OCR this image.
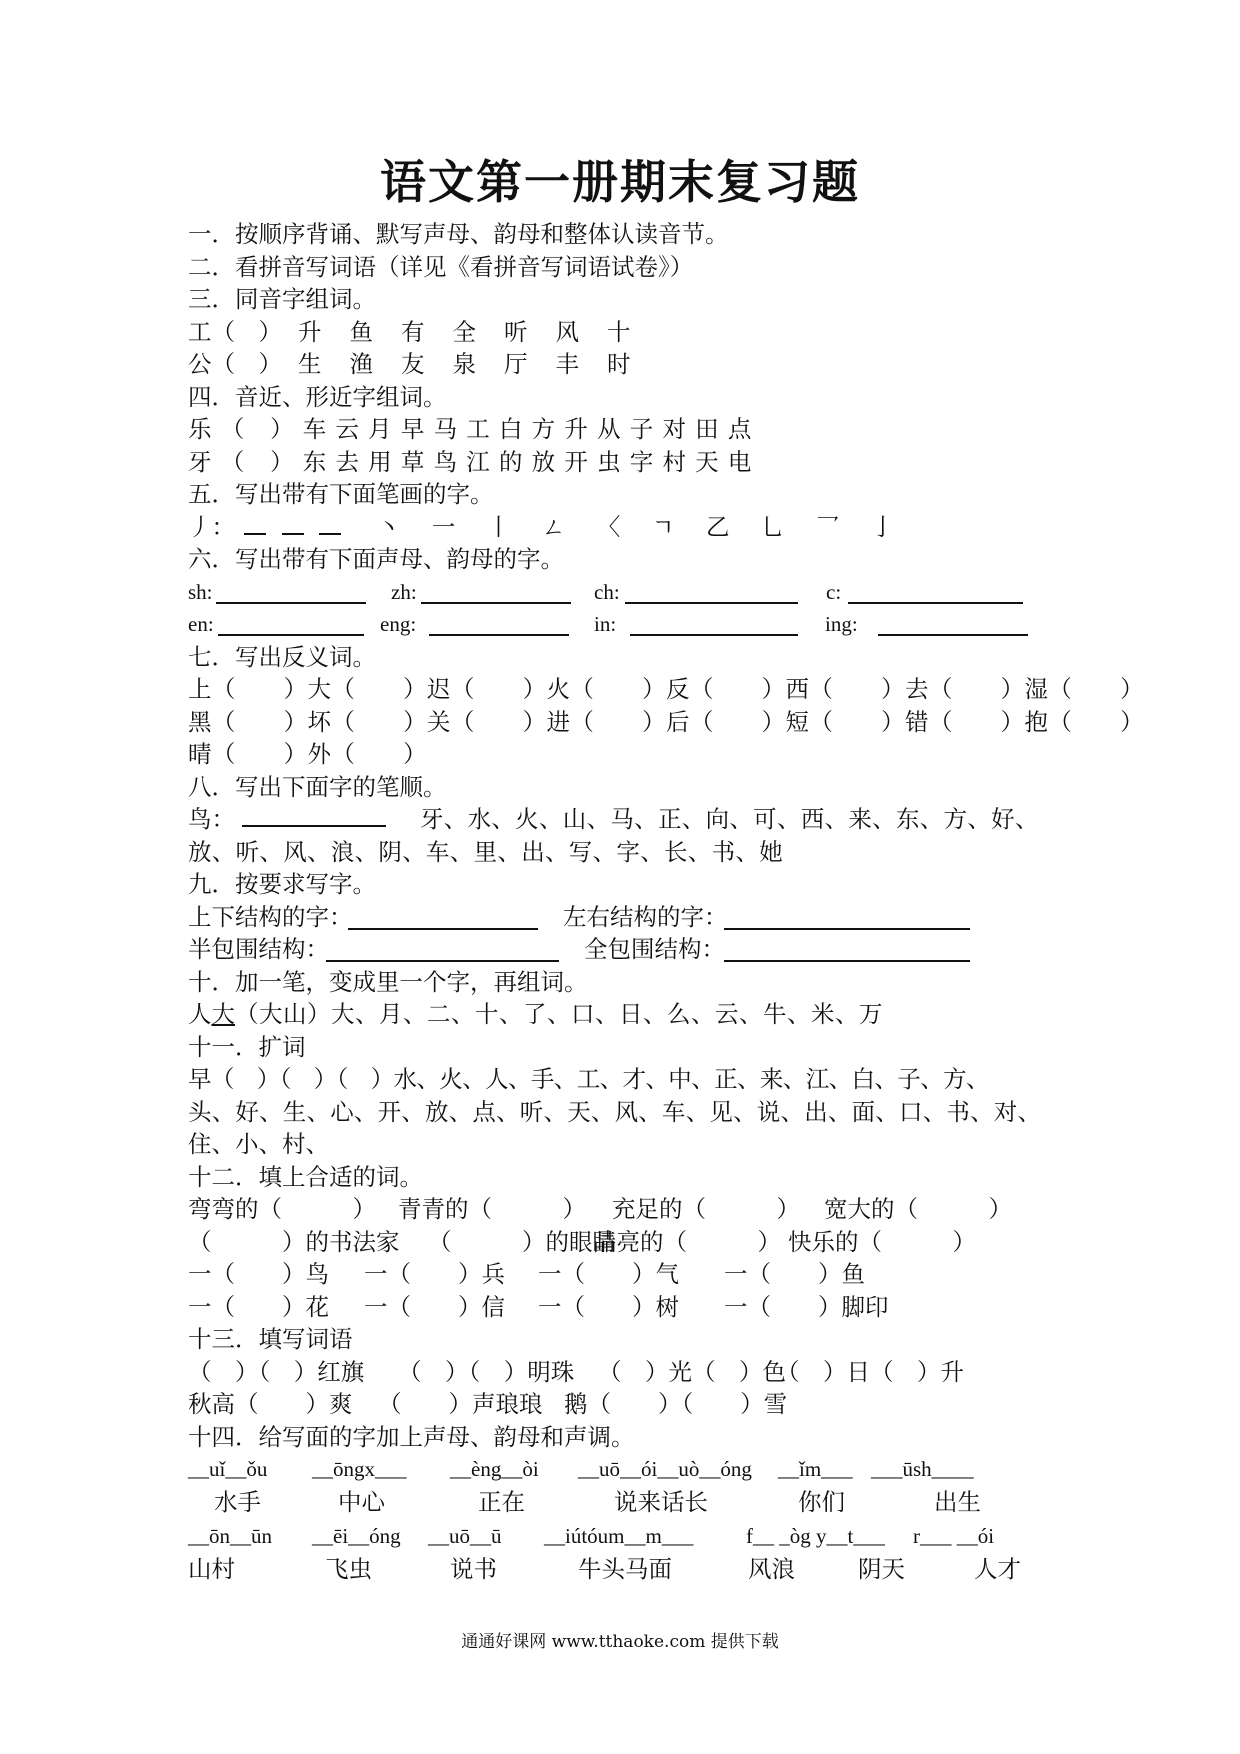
语文第一册期末复习题
一．按顺序背诵、默写声母、韵母和整体认读音节。
二．看拼音写词语（详见《看拼音写词语试卷》）
三．同音字组词。
工（　） 升鱼有全听风十
公（　） 生渔友泉厅丰时
四．音近、形近字组词。
乐（ ）车云月早马工白方升从子对田点
牙（ ）东去用草鸟江的放开虫字村天电
五．写出带有下面笔画的字。
丿：	丶 一 丨 ㄥ 〈 ㄱ 乙 乚 乛 亅
六．写出带有下面声母、韵母的字。
sh:	zh:	ch:	c:
en:	eng:	in:	ing:
七．写出反义词。
上（　　）大（　　）迟（　　）火（　　）反（　　）西（　　）去（　　）湿（　　）
黑（　　）坏（　　）关（　　）进（　　）后（　　）短（　　）错（　　）抱（　　）
晴（　　）外（　　）
八．写出下面字的笔顺。
鸟：	牙、水、火、山、马、正、向、可、西、来、东、方、好、
放、听、风、浪、阴、车、里、出、写、字、长、书、她
九．按要求写字。
上下结构的字：	左右结构的字：
半包围结构：	全包围结构：
十．加一笔，变成里一个字，再组词。
人大（大山）大、月、二、十、了、口、日、么、云、牛、米、万
十一．扩词
早（　）（　）（　）水、火、人、手、工、才、中、正、来、江、白、子、方、
头、好、生、心、开、放、点、听、天、风、车、见、说、出、面、口、书、对、
住、小、村、
十二．填上合适的词。
弯弯的（　　　） 青青的（　　　） 充足的（　　　） 宽大的（　　　）
（　　　）的书法家 （　　　）的眼睛
晶亮的（　　　） 快乐的（　　　）
一（　　）鸟 一（　　）兵 一（　　）气 一（　　）鱼
一（　　）花 一（　　）信 一（　　）树 一（　　）脚印
十三．填写词语
（　）（　）红旗 （　）（　）明珠 （　）光（　）色
（　）日（　）升
秋高（　　）爽 （　　）声琅琅 鹅（　　）（　　）雪
十四．给写面的字加上声母、韵母和声调。
__uǐ__ǒu __ōngx___ __èng__òi __uō__ói__uò__óng __ǐm___ ___ūsh____
水手	中心	正在	说来话长	你们	出生
__ōn__ūn __ēi__óng __uō__ū __iútóum__m___	f__ _òg y__t___ r___ __ói
山村	飞虫	说书	牛头马面	风浪	阴天	人才
通通好课网 www.tthaoke.com 提供下载
